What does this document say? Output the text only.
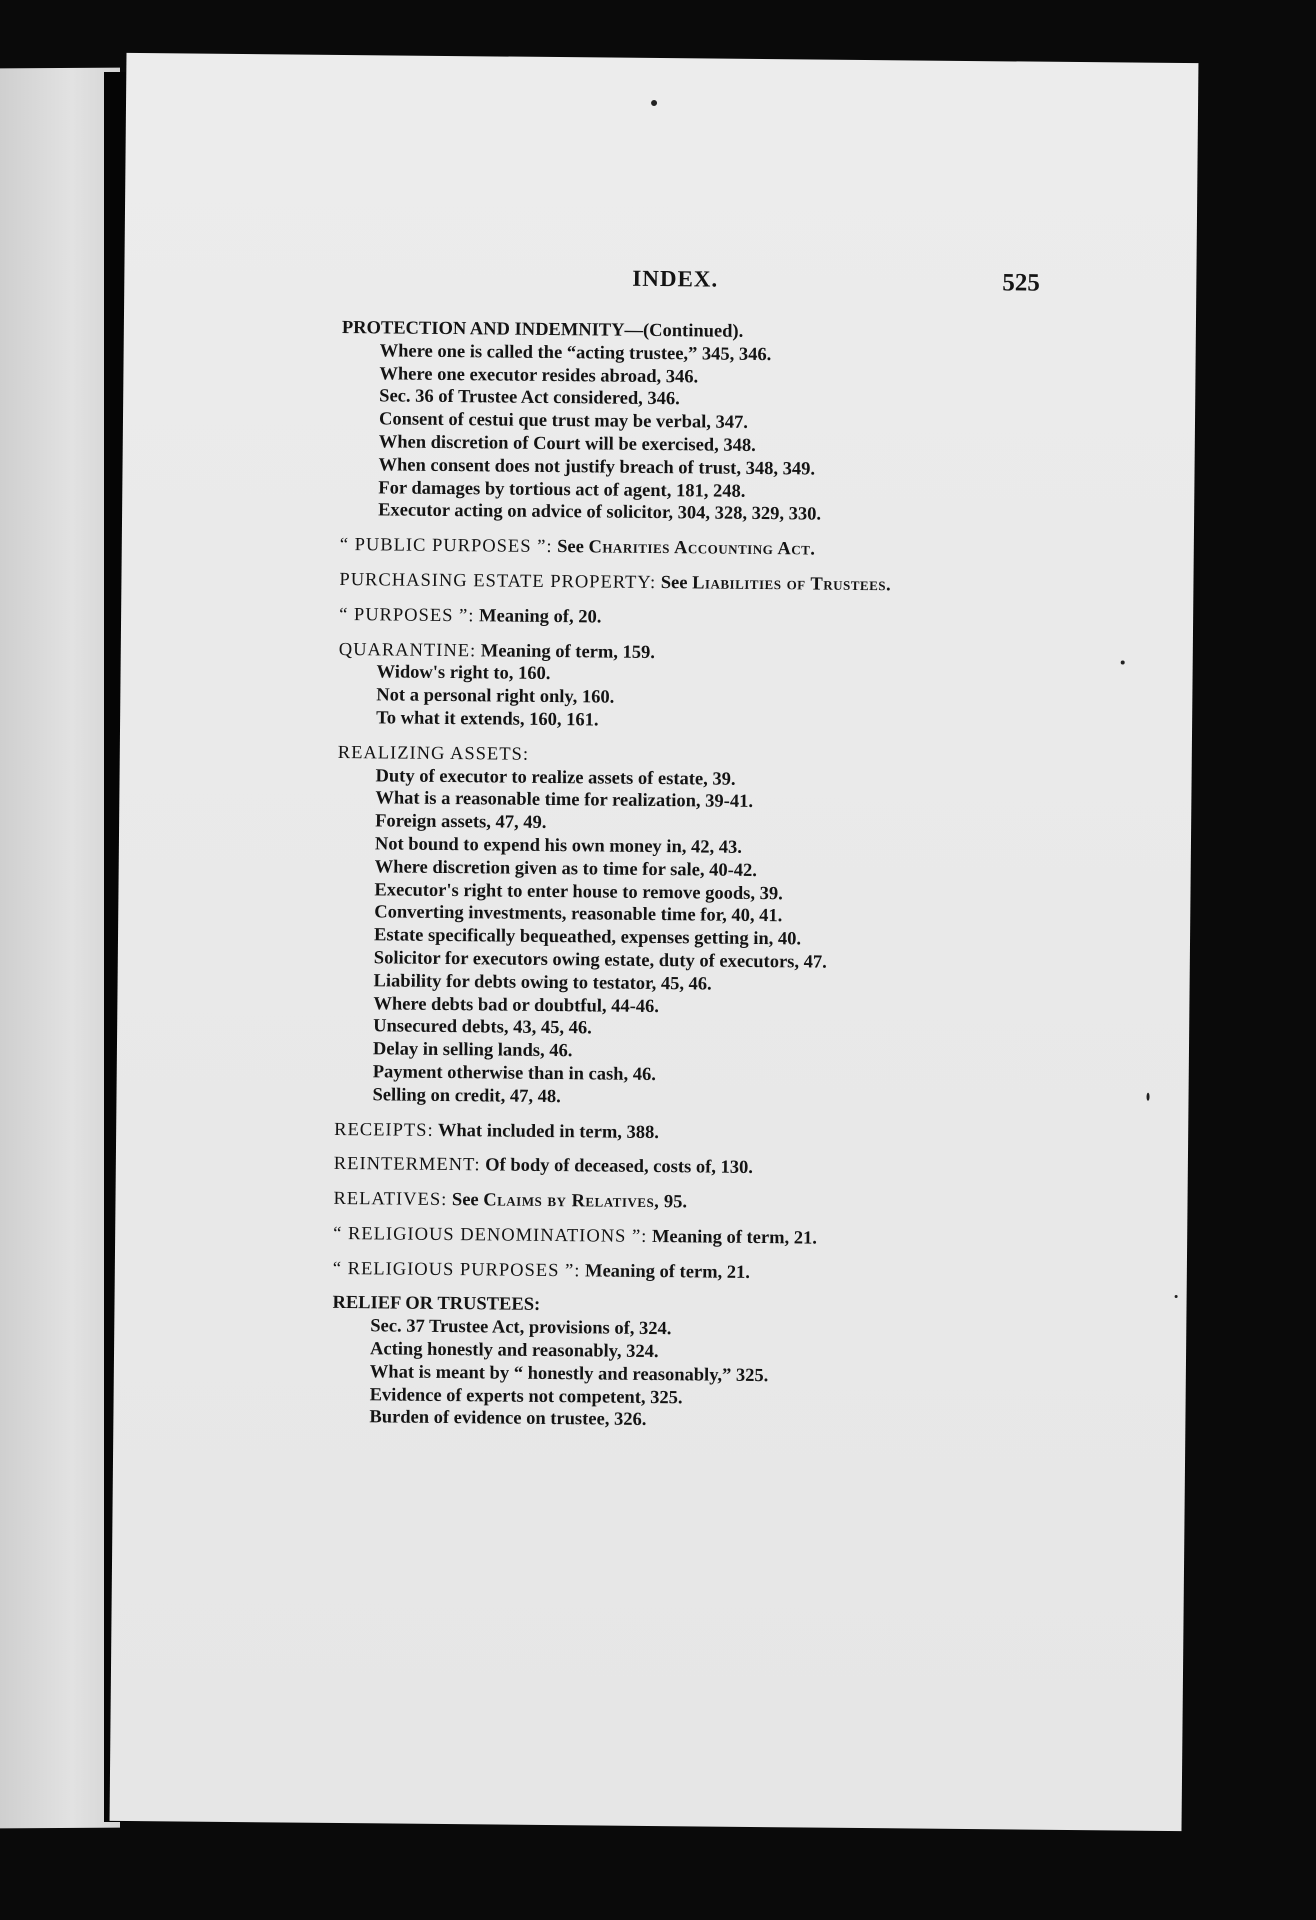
INDEX.	525
PROTECTION AND INDEMNITY—(Continued).
Where one is called the “acting trustee,” 345, 346.
Where one executor resides abroad, 346.
Sec. 36 of Trustee Act considered, 346.
Consent of cestui que trust may be verbal, 347.
When discretion of Court will be exercised, 348.
When consent does not justify breach of trust, 348, 349.
For damages by tortious act of agent, 181, 248.
Executor acting on advice of solicitor, 304, 328, 329, 330.
“ PUBLIC PURPOSES ”: See Charities Accounting Act.
PURCHASING ESTATE PROPERTY: See Liabilities of Trustees.
“ PURPOSES ”: Meaning of, 20.
QUARANTINE: Meaning of term, 159.
Widow's right to, 160.
Not a personal right only, 160.
To what it extends, 160, 161.
REALIZING ASSETS:
Duty of executor to realize assets of estate, 39.
What is a reasonable time for realization, 39-41.
Foreign assets, 47, 49.
Not bound to expend his own money in, 42, 43.
Where discretion given as to time for sale, 40-42.
Executor's right to enter house to remove goods, 39.
Converting investments, reasonable time for, 40, 41.
Estate specifically bequeathed, expenses getting in, 40.
Solicitor for executors owing estate, duty of executors, 47.
Liability for debts owing to testator, 45, 46.
Where debts bad or doubtful, 44-46.
Unsecured debts, 43, 45, 46.
Delay in selling lands, 46.
Payment otherwise than in cash, 46.
Selling on credit, 47, 48.
RECEIPTS: What included in term, 388.
REINTERMENT: Of body of deceased, costs of, 130.
RELATIVES: See Claims by Relatives, 95.
“ RELIGIOUS DENOMINATIONS ”: Meaning of term, 21.
“ RELIGIOUS PURPOSES ”: Meaning of term, 21.
RELIEF OR TRUSTEES:
Sec. 37 Trustee Act, provisions of, 324.
Acting honestly and reasonably, 324.
What is meant by “ honestly and reasonably,” 325.
Evidence of experts not competent, 325.
Burden of evidence on trustee, 326.
